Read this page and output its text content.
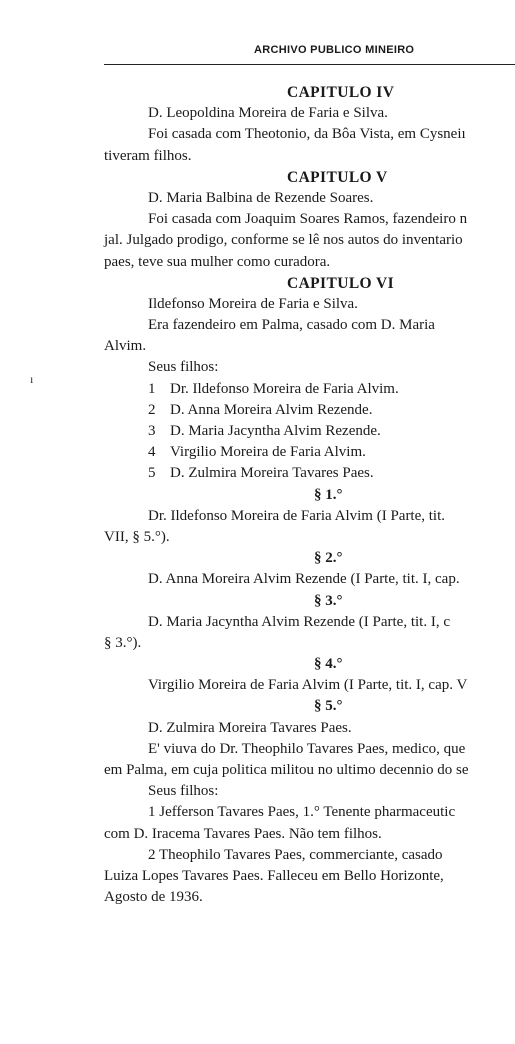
ARCHIVO PUBLICO MINEIRO
ı
CAPITULO IV
D. Leopoldina Moreira de Faria e Silva.
Foi casada com Theotonio, da Bôa Vista, em Cysneiı
tiveram filhos.
CAPITULO V
D. Maria Balbina de Rezende Soares.
Foi casada com Joaquim Soares Ramos, fazendeiro n
jal. Julgado prodigo, conforme se lê nos autos do inventario
paes, teve sua mulher como curadora.
CAPITULO VI
Ildefonso Moreira de Faria e Silva.
Era fazendeiro em Palma, casado com D. Maria
Alvim.
Seus filhos:
1 Dr. Ildefonso Moreira de Faria Alvim.
2 D. Anna Moreira Alvim Rezende.
3 D. Maria Jacyntha Alvim Rezende.
4 Virgilio Moreira de Faria Alvim.
5 D. Zulmira Moreira Tavares Paes.
§ 1.°
Dr. Ildefonso Moreira de Faria Alvim (I Parte, tit.
VII, § 5.°).
§ 2.°
D. Anna Moreira Alvim Rezende (I Parte, tit. I, cap.
§ 3.°
D. Maria Jacyntha Alvim Rezende (I Parte, tit. I, c
§ 3.°).
§ 4.°
Virgilio Moreira de Faria Alvim (I Parte, tit. I, cap. V
§ 5.°
D. Zulmira Moreira Tavares Paes.
E' viuva do Dr. Theophilo Tavares Paes, medico, que
em Palma, em cuja politica militou no ultimo decennio do se
Seus filhos:
1 Jefferson Tavares Paes, 1.° Tenente pharmaceutic
com D. Iracema Tavares Paes. Não tem filhos.
2 Theophilo Tavares Paes, commerciante, casado
Luiza Lopes Tavares Paes. Falleceu em Bello Horizonte,
Agosto de 1936.
